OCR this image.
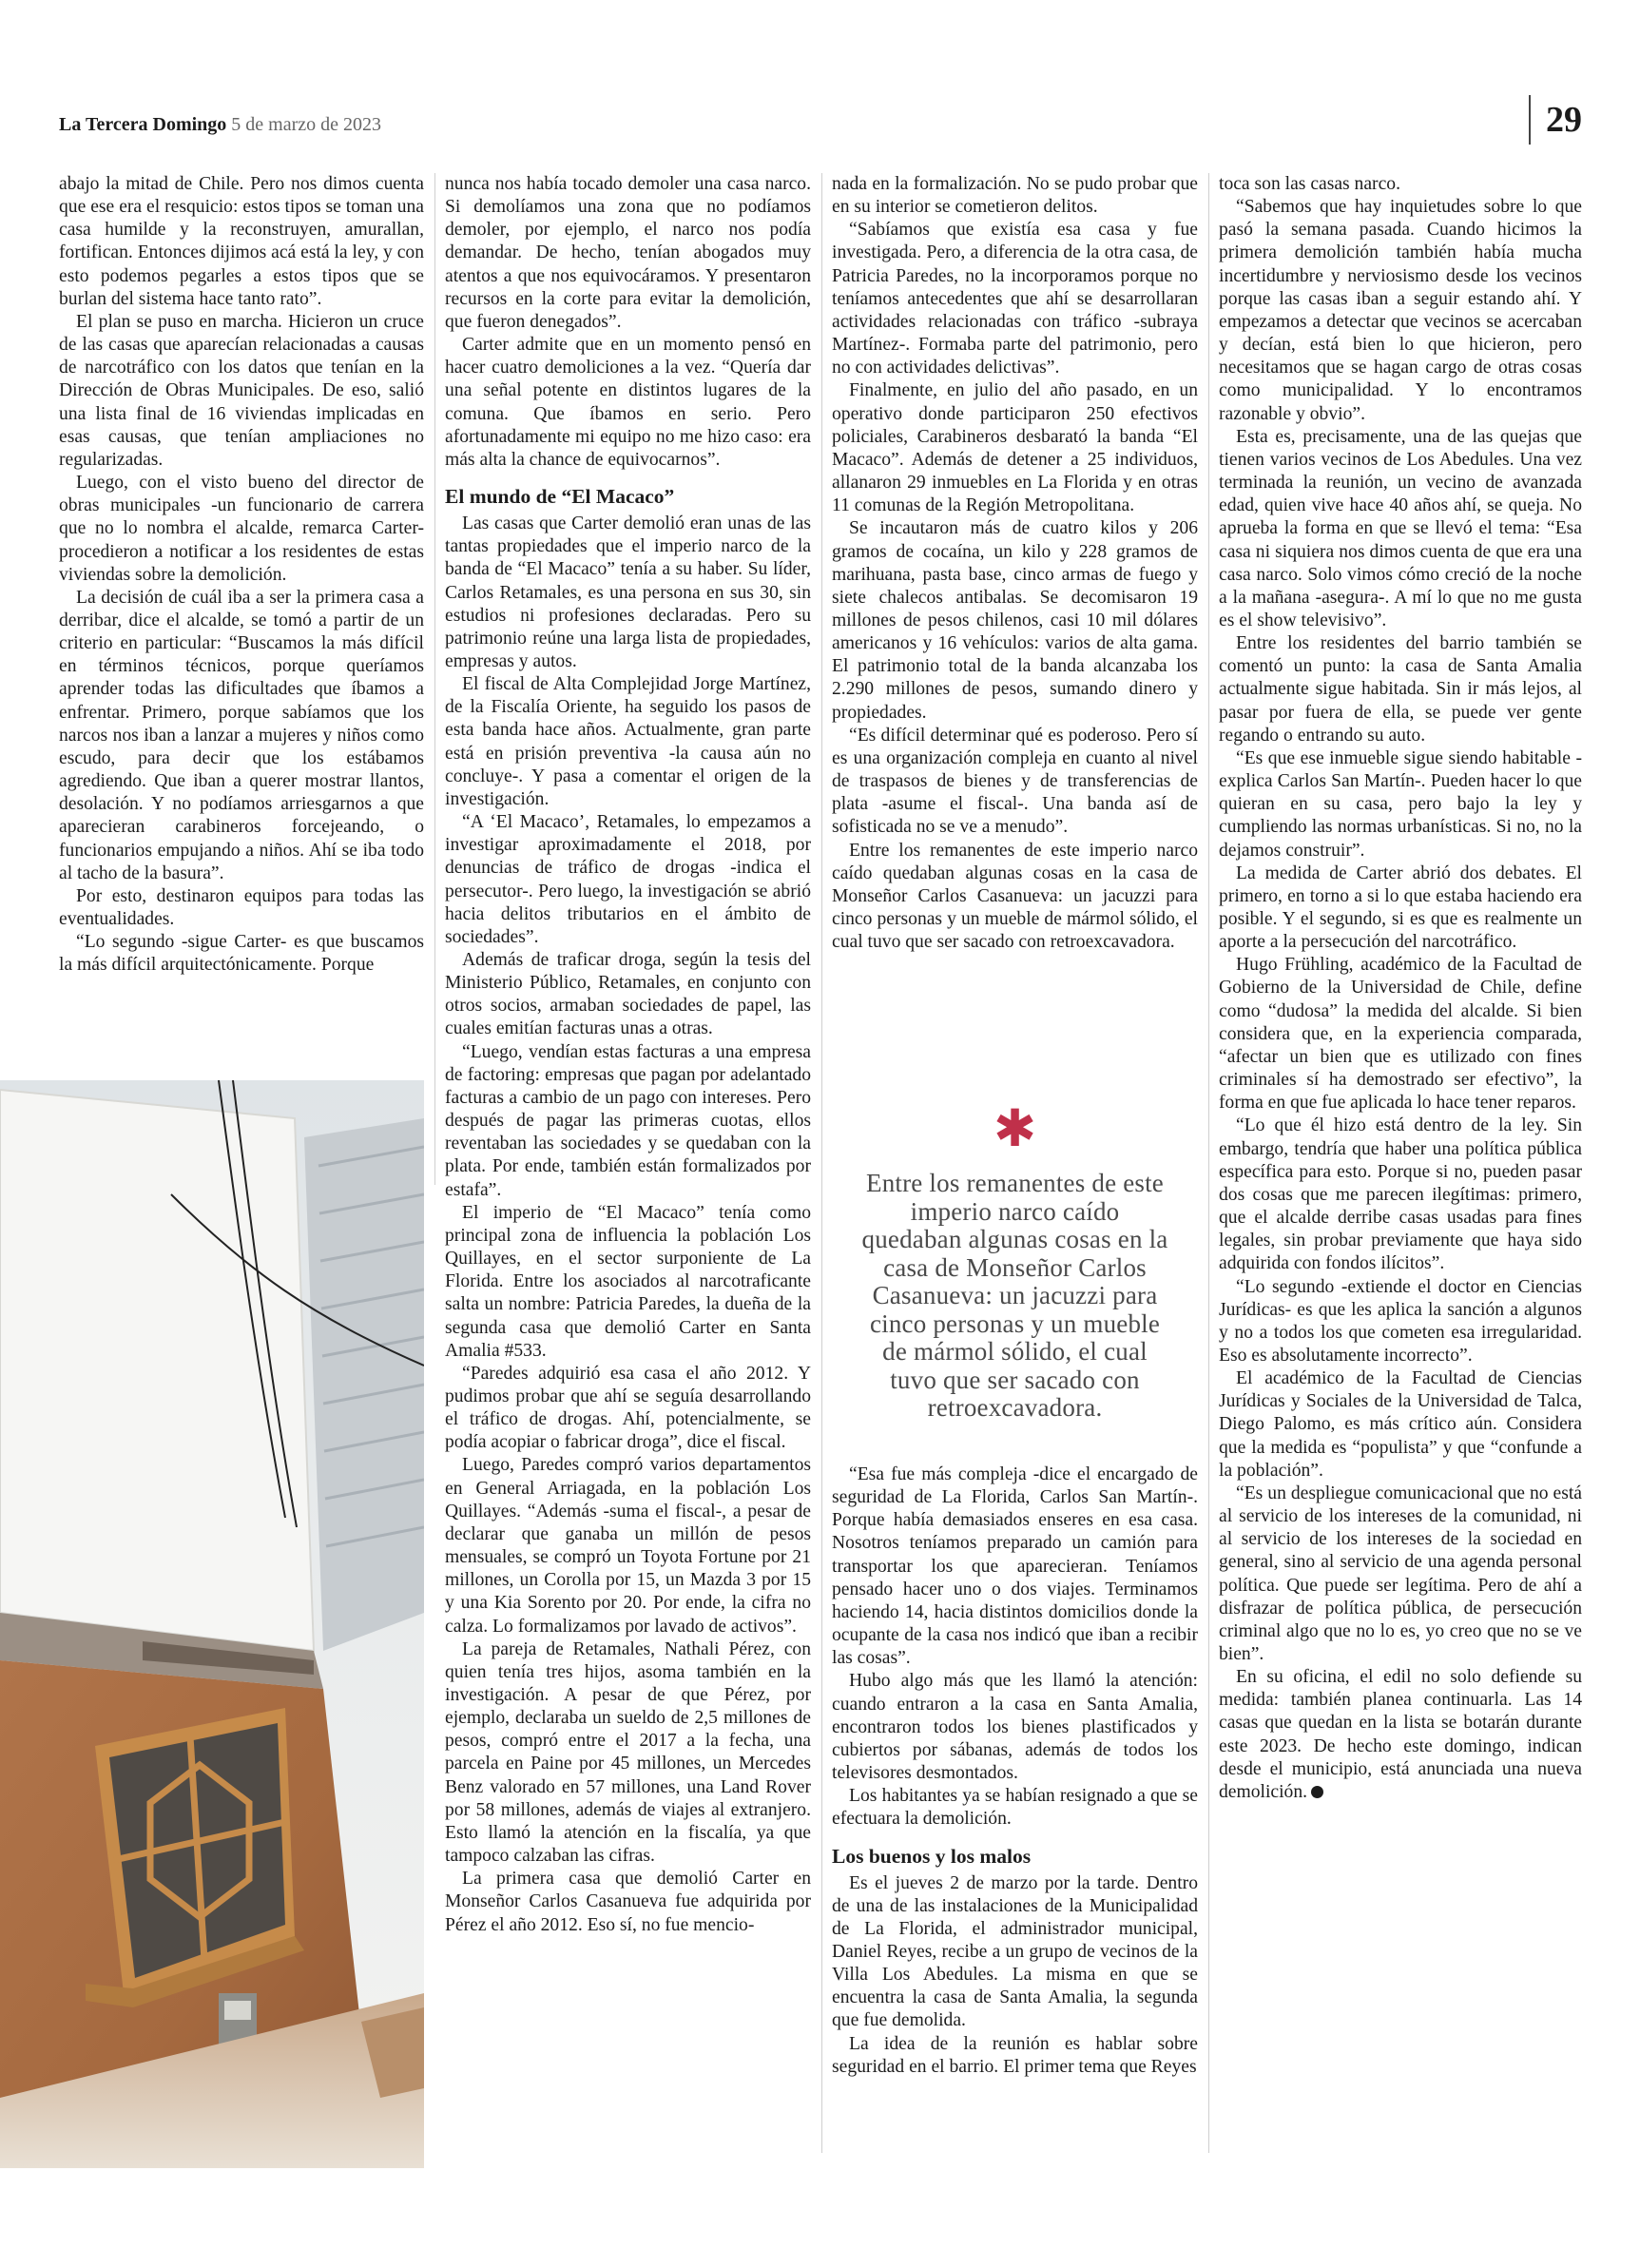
La Tercera Domingo 5 de marzo de 2023	29

abajo la mitad de Chile. Pero nos dimos cuenta que ese era el resquicio: estos tipos se toman una casa humilde y la reconstruyen, amurallan, fortifican. Entonces dijimos acá está la ley, y con esto podemos pegarles a estos tipos que se burlan del sistema hace tanto rato”.

El plan se puso en marcha. Hicieron un cruce de las casas que aparecían relacionadas a causas de narcotráfico con los datos que tenían en la Dirección de Obras Municipales. De eso, salió una lista final de 16 viviendas implicadas en esas causas, que tenían ampliaciones no regularizadas.

Luego, con el visto bueno del director de obras municipales -un funcionario de carrera que no lo nombra el alcalde, remarca Carter- procedieron a notificar a los residentes de estas viviendas sobre la demolición.

La decisión de cuál iba a ser la primera casa a derribar, dice el alcalde, se tomó a partir de un criterio en particular: “Buscamos la más difícil en términos técnicos, porque queríamos aprender todas las dificultades que íbamos a enfrentar. Primero, porque sabíamos que los narcos nos iban a lanzar a mujeres y niños como escudo, para decir que los estábamos agrediendo. Que iban a querer mostrar llantos, desolación. Y no podíamos arriesgarnos a que aparecieran carabineros forcejeando, o funcionarios empujando a niños. Ahí se iba todo al tacho de la basura”.

Por esto, destinaron equipos para todas las eventualidades.

“Lo segundo -sigue Carter- es que buscamos la más difícil arquitectónicamente. Porque

nunca nos había tocado demoler una casa narco. Si demolíamos una zona que no podíamos demoler, por ejemplo, el narco nos podía demandar. De hecho, tenían abogados muy atentos a que nos equivocáramos. Y presentaron recursos en la corte para evitar la demolición, que fueron denegados”.

Carter admite que en un momento pensó en hacer cuatro demoliciones a la vez. “Quería dar una señal potente en distintos lugares de la comuna. Que íbamos en serio. Pero afortunadamente mi equipo no me hizo caso: era más alta la chance de equivocarnos”.

El mundo de “El Macaco”

Las casas que Carter demolió eran unas de las tantas propiedades que el imperio narco de la banda de “El Macaco” tenía a su haber. Su líder, Carlos Retamales, es una persona en sus 30, sin estudios ni profesiones declaradas. Pero su patrimonio reúne una larga lista de propiedades, empresas y autos.

El fiscal de Alta Complejidad Jorge Martínez, de la Fiscalía Oriente, ha seguido los pasos de esta banda hace años. Actualmente, gran parte está en prisión preventiva -la causa aún no concluye-. Y pasa a comentar el origen de la investigación.

“A ‘El Macaco’, Retamales, lo empezamos a investigar aproximadamente el 2018, por denuncias de tráfico de drogas -indica el persecutor-. Pero luego, la investigación se abrió hacia delitos tributarios en el ámbito de sociedades”.

Además de traficar droga, según la tesis del Ministerio Público, Retamales, en conjunto con otros socios, armaban sociedades de papel, las cuales emitían facturas unas a otras.

“Luego, vendían estas facturas a una empresa de factoring: empresas que pagan por adelantado facturas a cambio de un pago con intereses. Pero después de pagar las primeras cuotas, ellos reventaban las sociedades y se quedaban con la plata. Por ende, también están formalizados por estafa”.

El imperio de “El Macaco” tenía como principal zona de influencia la población Los Quillayes, en el sector surponiente de La Florida. Entre los asociados al narcotraficante salta un nombre: Patricia Paredes, la dueña de la segunda casa que demolió Carter en Santa Amalia #533.

“Paredes adquirió esa casa el año 2012. Y pudimos probar que ahí se seguía desarrollando el tráfico de drogas. Ahí, potencialmente, se podía acopiar o fabricar droga”, dice el fiscal.

Luego, Paredes compró varios departamentos en General Arriagada, en la población Los Quillayes. “Además -suma el fiscal-, a pesar de declarar que ganaba un millón de pesos mensuales, se compró un Toyota Fortune por 21 millones, un Corolla por 15, un Mazda 3 por 15 y una Kia Sorento por 20. Por ende, la cifra no calza. Lo formalizamos por lavado de activos”.

La pareja de Retamales, Nathali Pérez, con quien tenía tres hijos, asoma también en la investigación. A pesar de que Pérez, por ejemplo, declaraba un sueldo de 2,5 millones de pesos, compró entre el 2017 a la fecha, una parcela en Paine por 45 millones, un Mercedes Benz valorado en 57 millones, una Land Rover por 58 millones, además de viajes al extranjero. Esto llamó la atención en la fiscalía, ya que tampoco calzaban las cifras.

La primera casa que demolió Carter en Monseñor Carlos Casanueva fue adquirida por Pérez el año 2012. Eso sí, no fue mencio-

nada en la formalización. No se pudo probar que en su interior se cometieron delitos.

“Sabíamos que existía esa casa y fue investigada. Pero, a diferencia de la otra casa, de Patricia Paredes, no la incorporamos porque no teníamos antecedentes que ahí se desarrollaran actividades relacionadas con tráfico -subraya Martínez-. Formaba parte del patrimonio, pero no con actividades delictivas”.

Finalmente, en julio del año pasado, en un operativo donde participaron 250 efectivos policiales, Carabineros desbarató la banda “El Macaco”. Además de detener a 25 individuos, allanaron 29 inmuebles en La Florida y en otras 11 comunas de la Región Metropolitana.

Se incautaron más de cuatro kilos y 206 gramos de cocaína, un kilo y 228 gramos de marihuana, pasta base, cinco armas de fuego y siete chalecos antibalas. Se decomisaron 19 millones de pesos chilenos, casi 10 mil dólares americanos y 16 vehículos: varios de alta gama. El patrimonio total de la banda alcanzaba los 2.290 millones de pesos, sumando dinero y propiedades.

“Es difícil determinar qué es poderoso. Pero sí es una organización compleja en cuanto al nivel de traspasos de bienes y de transferencias de plata -asume el fiscal-. Una banda así de sofisticada no se ve a menudo”.

Entre los remanentes de este imperio narco caído quedaban algunas cosas en la casa de Monseñor Carlos Casanueva: un jacuzzi para cinco personas y un mueble de mármol sólido, el cual tuvo que ser sacado con retroexcavadora.

✱
Entre los remanentes de este imperio narco caído quedaban algunas cosas en la casa de Monseñor Carlos Casanueva: un jacuzzi para cinco personas y un mueble de mármol sólido, el cual tuvo que ser sacado con retroexcavadora.

“Esa fue más compleja -dice el encargado de seguridad de La Florida, Carlos San Martín-. Porque había demasiados enseres en esa casa. Nosotros teníamos preparado un camión para transportar los que aparecieran. Teníamos pensado hacer uno o dos viajes. Terminamos haciendo 14, hacia distintos domicilios donde la ocupante de la casa nos indicó que iban a recibir las cosas”.

Hubo algo más que les llamó la atención: cuando entraron a la casa en Santa Amalia, encontraron todos los bienes plastificados y cubiertos por sábanas, además de todos los televisores desmontados.

Los habitantes ya se habían resignado a que se efectuara la demolición.

Los buenos y los malos

Es el jueves 2 de marzo por la tarde. Dentro de una de las instalaciones de la Municipalidad de La Florida, el administrador municipal, Daniel Reyes, recibe a un grupo de vecinos de la Villa Los Abedules. La misma en que se encuentra la casa de Santa Amalia, la segunda que fue demolida.

La idea de la reunión es hablar sobre seguridad en el barrio. El primer tema que Reyes

toca son las casas narco.

“Sabemos que hay inquietudes sobre lo que pasó la semana pasada. Cuando hicimos la primera demolición también había mucha incertidumbre y nerviosismo desde los vecinos porque las casas iban a seguir estando ahí. Y empezamos a detectar que vecinos se acercaban y decían, está bien lo que hicieron, pero necesitamos que se hagan cargo de otras cosas como municipalidad. Y lo encontramos razonable y obvio”.

Esta es, precisamente, una de las quejas que tienen varios vecinos de Los Abedules. Una vez terminada la reunión, un vecino de avanzada edad, quien vive hace 40 años ahí, se queja. No aprueba la forma en que se llevó el tema: “Esa casa ni siquiera nos dimos cuenta de que era una casa narco. Solo vimos cómo creció de la noche a la mañana -asegura-. A mí lo que no me gusta es el show televisivo”.

Entre los residentes del barrio también se comentó un punto: la casa de Santa Amalia actualmente sigue habitada. Sin ir más lejos, al pasar por fuera de ella, se puede ver gente regando o entrando su auto.

“Es que ese inmueble sigue siendo habitable -explica Carlos San Martín-. Pueden hacer lo que quieran en su casa, pero bajo la ley y cumpliendo las normas urbanísticas. Si no, no la dejamos construir”.

La medida de Carter abrió dos debates. El primero, en torno a si lo que estaba haciendo era posible. Y el segundo, si es que es realmente un aporte a la persecución del narcotráfico.

Hugo Frühling, académico de la Facultad de Gobierno de la Universidad de Chile, define como “dudosa” la medida del alcalde. Si bien considera que, en la experiencia comparada, “afectar un bien que es utilizado con fines criminales sí ha demostrado ser efectivo”, la forma en que fue aplicada lo hace tener reparos.

“Lo que él hizo está dentro de la ley. Sin embargo, tendría que haber una política pública específica para esto. Porque si no, pueden pasar dos cosas que me parecen ilegítimas: primero, que el alcalde derribe casas usadas para fines legales, sin probar previamente que haya sido adquirida con fondos ilícitos”.

“Lo segundo -extiende el doctor en Ciencias Jurídicas- es que les aplica la sanción a algunos y no a todos los que cometen esa irregularidad. Eso es absolutamente incorrecto”.

El académico de la Facultad de Ciencias Jurídicas y Sociales de la Universidad de Talca, Diego Palomo, es más crítico aún. Considera que la medida es “populista” y que “confunde a la población”.

“Es un despliegue comunicacional que no está al servicio de los intereses de la comunidad, ni al servicio de los intereses de la sociedad en general, sino al servicio de una agenda personal política. Que puede ser legítima. Pero de ahí a disfrazar de política pública, de persecución criminal algo que no lo es, yo creo que no se ve bien”.

En su oficina, el edil no solo defiende su medida: también planea continuarla. Las 14 casas que quedan en la lista se botarán durante este 2023. De hecho este domingo, indican desde el municipio, está anunciada una nueva demolición.
